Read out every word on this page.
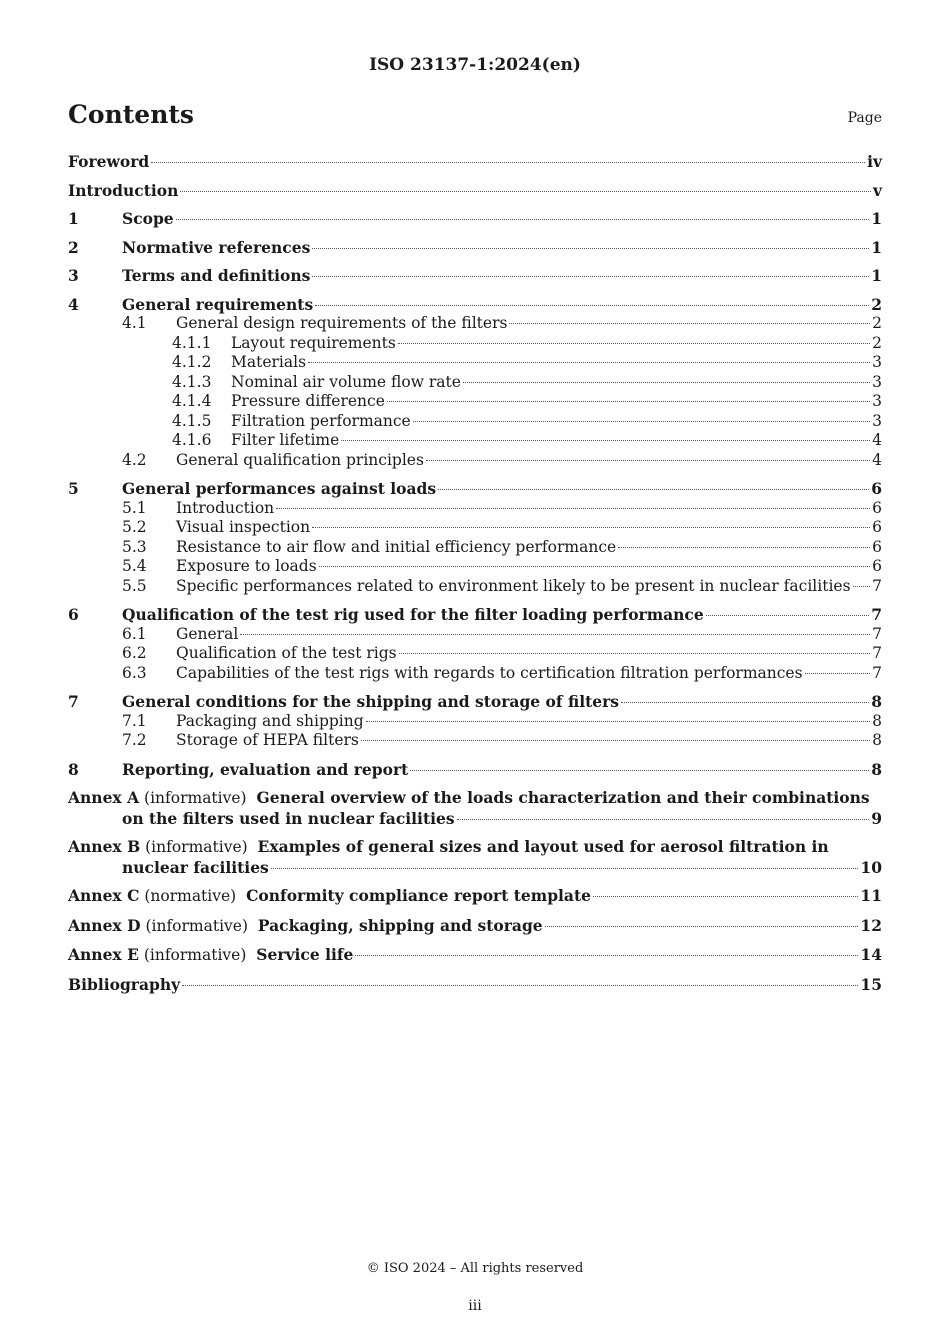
ISO 23137-1:2024(en)
Contents	Page
Foreword	iv
Introduction	v
1	Scope	1
2	Normative references	1
3	Terms and definitions	1
4	General requirements	2
4.1	General design requirements of the filters	2
4.1.1	Layout requirements	2
4.1.2	Materials	3
4.1.3	Nominal air volume flow rate	3
4.1.4	Pressure difference	3
4.1.5	Filtration performance	3
4.1.6	Filter lifetime	4
4.2	General qualification principles	4
5	General performances against loads	6
5.1	Introduction	6
5.2	Visual inspection	6
5.3	Resistance to air flow and initial efficiency performance	6
5.4	Exposure to loads	6
5.5	Specific performances related to environment likely to be present in nuclear facilities 7
6	Qualification of the test rig used for the filter loading performance	7
6.1	General	7
6.2	Qualification of the test rigs	7
6.3	Capabilities of the test rigs with regards to certification filtration performances	7
7	General conditions for the shipping and storage of filters	8
7.1	Packaging and shipping	8
7.2	Storage of HEPA filters	8
8	Reporting, evaluation and report	8
Annex A (informative) General overview of the loads characterization and their combinations
on the filters used in nuclear facilities	9
Annex B (informative) Examples of general sizes and layout used for aerosol filtration in
nuclear facilities	10
Annex C (normative) Conformity compliance report template	11
Annex D (informative) Packaging, shipping and storage	12
Annex E (informative) Service life	14
Bibliography	15
© ISO 2024 – All rights reserved
iii
